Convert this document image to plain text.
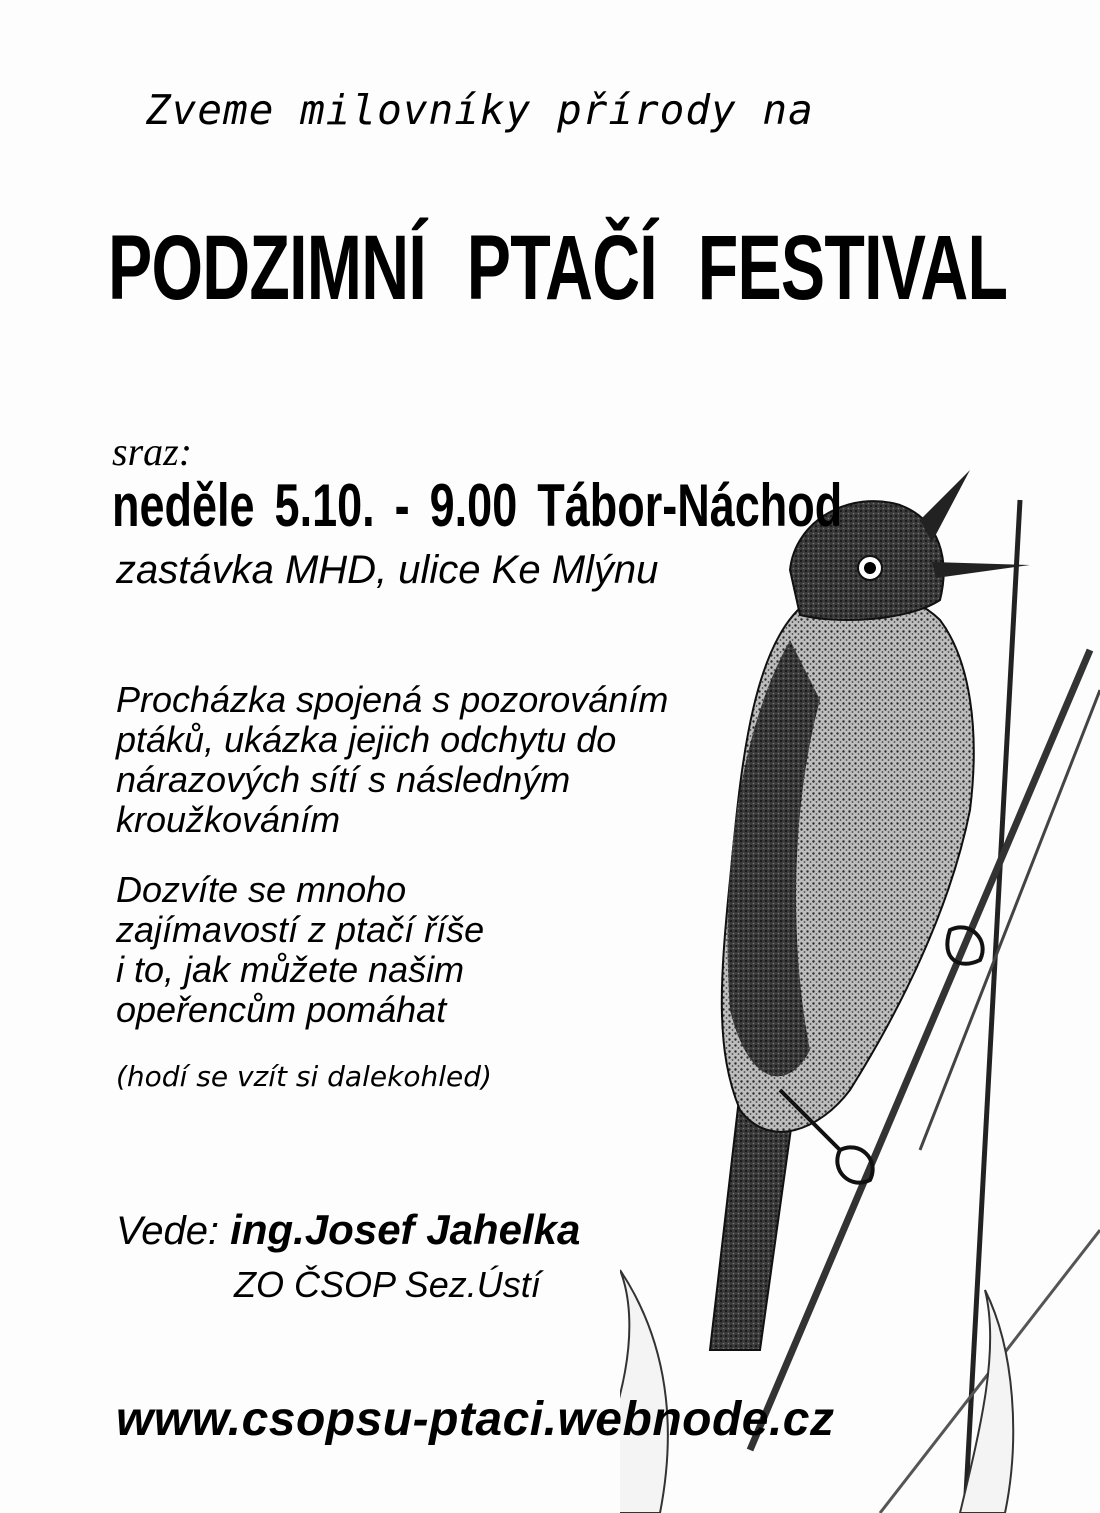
Zveme milovníky přírody na

PODZIMNÍ PTAČÍ FESTIVAL

sraz:

neděle 5.10. - 9.00 Tábor-Náchod

zastávka MHD, ulice Ke Mlýnu

Procházka spojená s pozorováním
ptáků, ukázka jejich odchytu do
nárazových sítí s následným
kroužkováním
Dozvíte se mnoho
zajímavostí z ptačí říše
i to, jak můžete našim
opeřencům pomáhat

(hodí se vzít si dalekohled)

Vede: ing.Josef Jahelka

ZO ČSOP Sez.Ústí

www.csopsu-ptaci.webnode.cz
